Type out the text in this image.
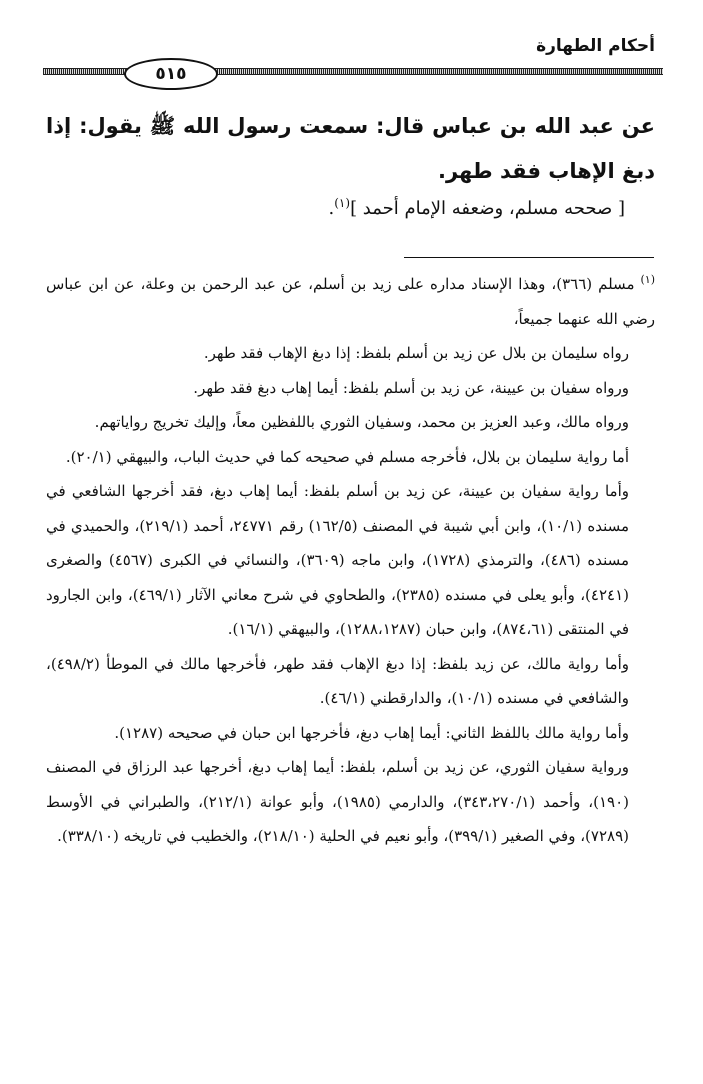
أحكام الطهارة
٥١٥
عن عبد الله بن عباس قال: سمعت رسول الله ﷺ يقول: إذا دبغ الإهاب فقد طهر.
[ صححه مسلم، وضعفه الإمام أحمد ]$^{(١)}$.

$^{(١)}$ مسلم (٣٦٦)، وهذا الإسناد مداره على زيد بن أسلم، عن عبد الرحمن بن وعلة، عن ابن عباس رضي الله عنهما جميعاً،

رواه سليمان بن بلال عن زيد بن أسلم بلفظ: إذا دبغ الإهاب فقد طهر.

ورواه سفيان بن عيينة، عن زيد بن أسلم بلفظ: أيما إهاب دبغ فقد طهر.

ورواه مالك، وعبد العزيز بن محمد، وسفيان الثوري باللفظين معاً، وإليك تخريج رواياتهم.

أما رواية سليمان بن بلال، فأخرجه مسلم في صحيحه كما في حديث الباب، والبيهقي (٢٠/١).

وأما رواية سفيان بن عيينة، عن زيد بن أسلم بلفظ: أيما إهاب دبغ، فقد أخرجها الشافعي في مسنده (١٠/١)، وابن أبي شيبة في المصنف (١٦٢/٥) رقم ٢٤٧٧١، أحمد (٢١٩/١)، والحميدي في مسنده (٤٨٦)، والترمذي (١٧٢٨)، وابن ماجه (٣٦٠٩)، والنسائي في الكبرى (٤٥٦٧) والصغرى (٤٢٤١)، وأبو يعلى في مسنده (٢٣٨٥)، والطحاوي في شرح معاني الآثار (٤٦٩/١)، وابن الجارود في المنتقى (٨٧٤،٦١)، وابن حبان (١٢٨٨،١٢٨٧)، والبيهقي (١٦/١).

وأما رواية مالك، عن زيد بلفظ: إذا دبغ الإهاب فقد طهر، فأخرجها مالك في الموطأ (٤٩٨/٢)، والشافعي في مسنده (١٠/١)، والدارقطني (٤٦/١).

وأما رواية مالك باللفظ الثاني: أيما إهاب دبغ، فأخرجها ابن حبان في صحيحه (١٢٨٧).

ورواية سفيان الثوري، عن زيد بن أسلم، بلفظ: أيما إهاب دبغ، أخرجها عبد الرزاق في المصنف (١٩٠)، وأحمد (٣٤٣،٢٧٠/١)، والدارمي (١٩٨٥)، وأبو عوانة (٢١٢/١)، والطبراني في الأوسط (٧٢٨٩)، وفي الصغير (٣٩٩/١)، وأبو نعيم في الحلية (٢١٨/١٠)، والخطيب في تاريخه (٣٣٨/١٠).
